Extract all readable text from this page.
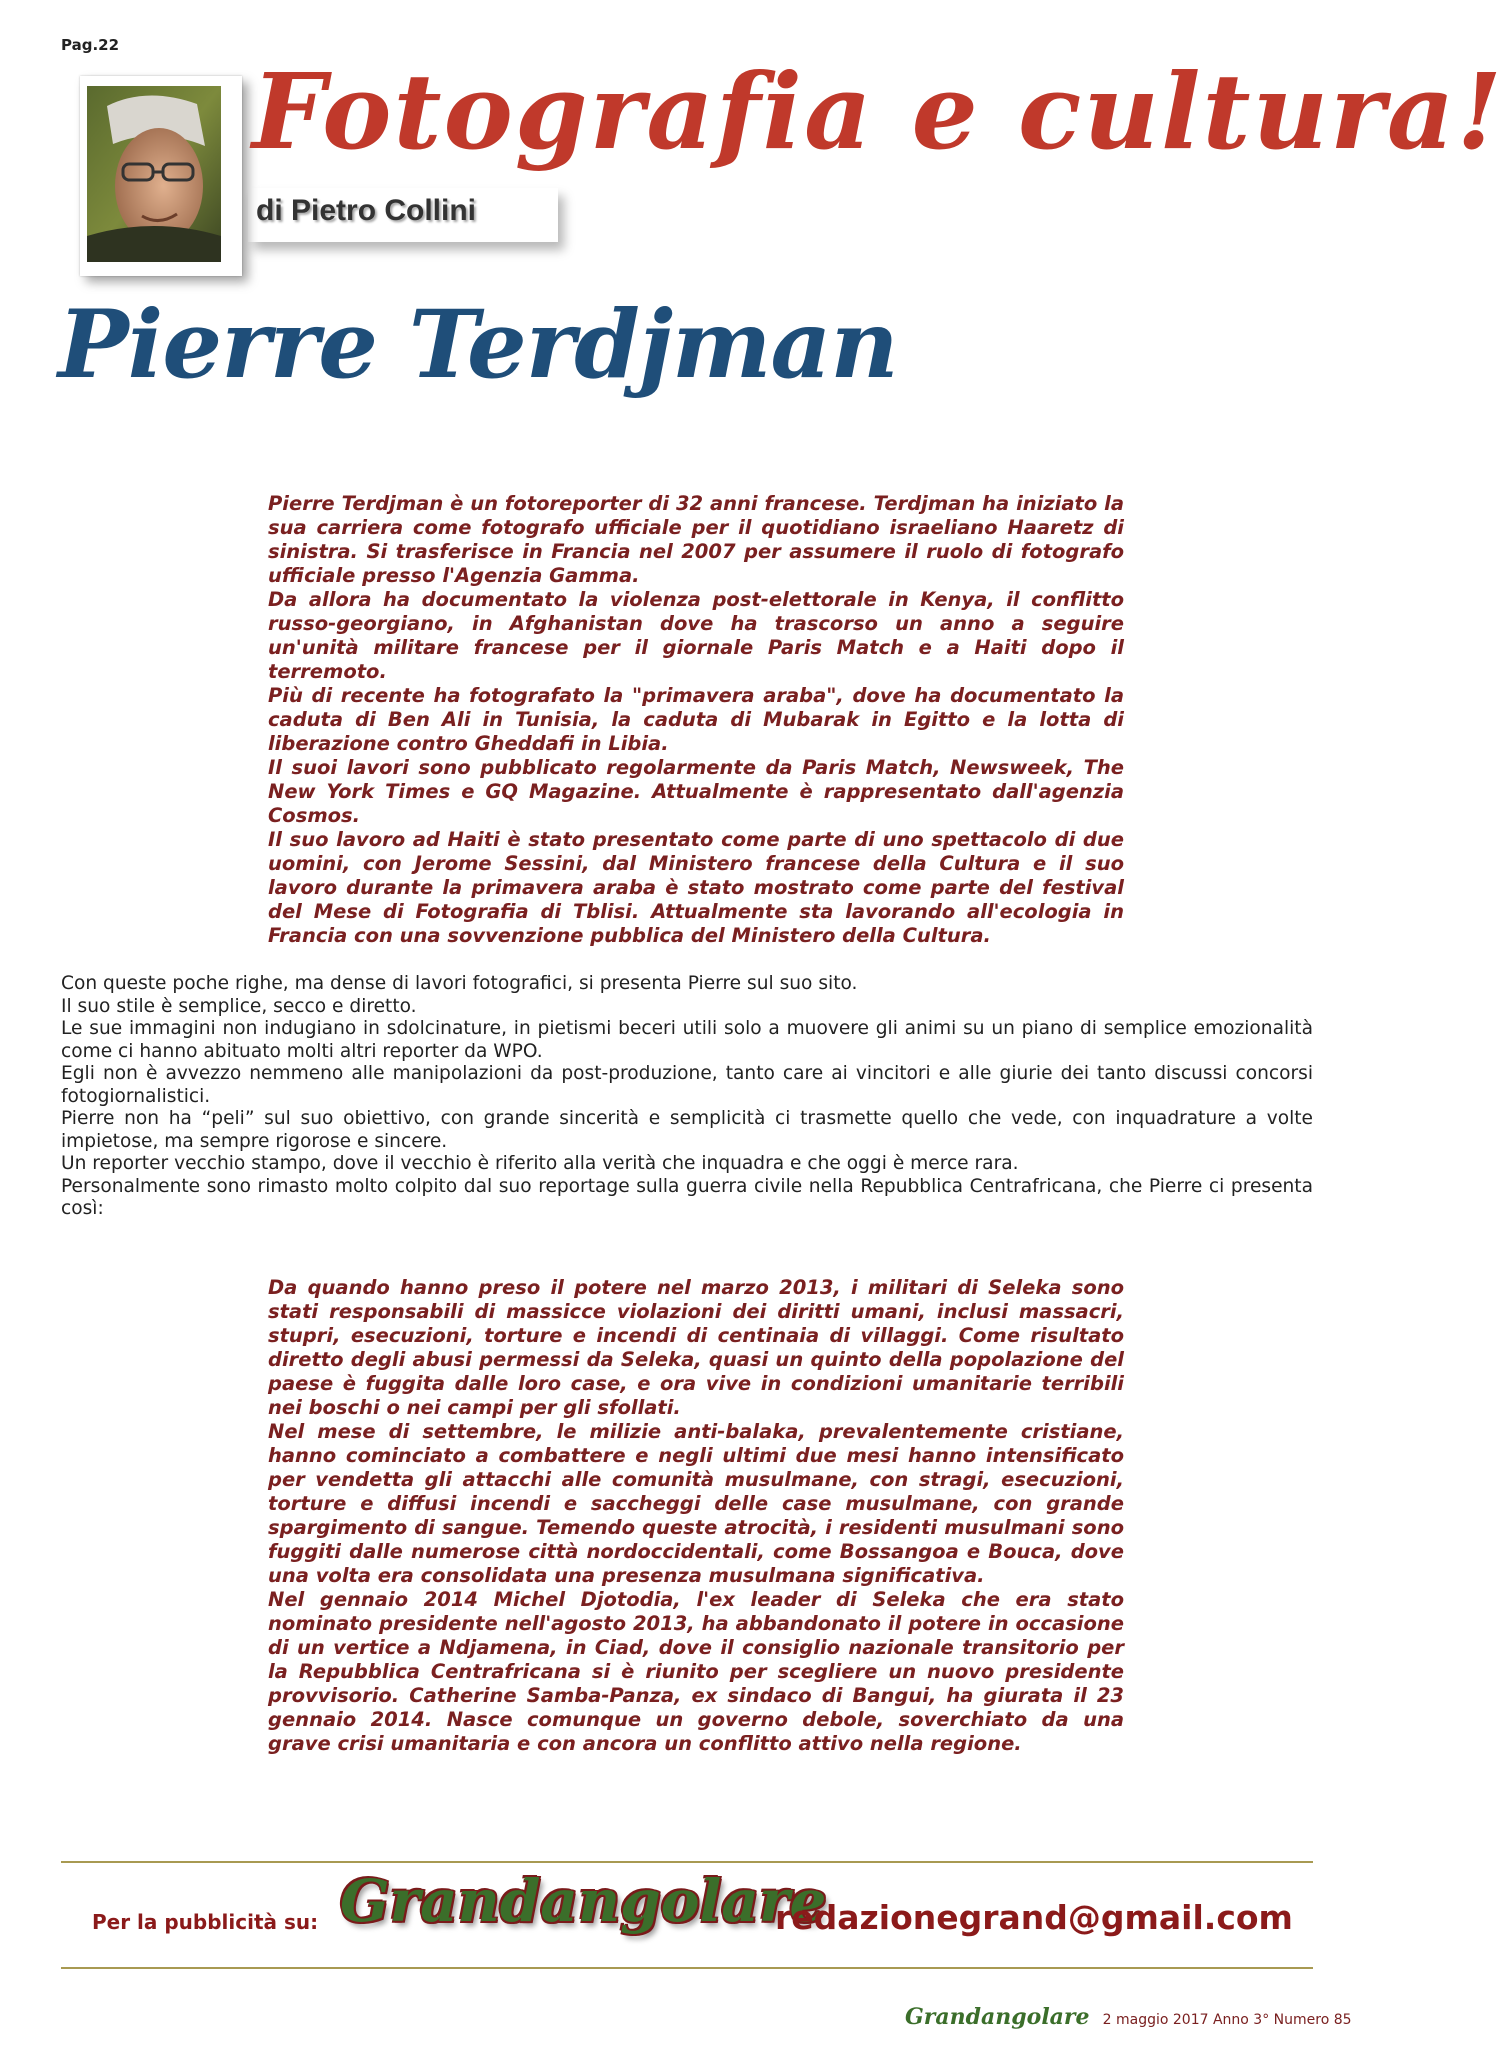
Pag.22
Fotografia e cultura!
di Pietro Collini
Pierre Terdjman

Pierre Terdjman è un fotoreporter di 32 anni francese. Terdjman ha iniziato la sua carriera come fotografo ufficiale per il quotidiano israeliano Haaretz di sinistra. Si trasferisce in Francia nel 2007 per assumere il ruolo di fotografo ufficiale presso l'Agenzia Gamma.

Da allora ha documentato la violenza post-elettorale in Kenya, il conflitto russo-georgiano, in Afghanistan dove ha trascorso un anno a seguire un'unità militare francese per il giornale Paris Match e a Haiti dopo il terremoto.

Più di recente ha fotografato la "primavera araba", dove ha documentato la caduta di Ben Ali in Tunisia, la caduta di Mubarak in Egitto e la lotta di liberazione contro Gheddafi in Libia.

Il suoi lavori sono pubblicato regolarmente da Paris Match, Newsweek, The New York Times e GQ Magazine. Attualmente è rappresentato dall'agenzia Cosmos.

Il suo lavoro ad Haiti è stato presentato come parte di uno spettacolo di due uomini, con Jerome Sessini, dal Ministero francese della Cultura e il suo lavoro durante la primavera araba è stato mostrato come parte del festival del Mese di Fotografia di Tblisi. Attualmente sta lavorando all'ecologia in Francia con una sovvenzione pubblica del Ministero della Cultura.

Con queste poche righe, ma dense di lavori fotografici, si presenta Pierre sul suo sito.

Il suo stile è semplice, secco e diretto.

Le sue immagini non indugiano in sdolcinature, in pietismi beceri utili solo a muovere gli animi su un piano di semplice emozionalità come ci hanno abituato molti altri reporter da WPO.

Egli non è avvezzo nemmeno alle manipolazioni da post-produzione, tanto care ai vincitori e alle giurie dei tanto discussi concorsi fotogiornalistici.

Pierre non ha “peli” sul suo obiettivo, con grande sincerità e semplicità ci trasmette quello che vede, con inquadrature a volte impietose, ma sempre rigorose e sincere.

Un reporter vecchio stampo, dove il vecchio è riferito alla verità che inquadra e che oggi è merce rara.

Personalmente sono rimasto molto colpito dal suo reportage sulla guerra civile nella Repubblica Centrafricana, che Pierre ci presenta così:

Da quando hanno preso il potere nel marzo 2013, i militari di Seleka sono stati responsabili di massicce violazioni dei diritti umani, inclusi massacri, stupri, esecuzioni, torture e incendi di centinaia di villaggi. Come risultato diretto degli abusi permessi da Seleka, quasi un quinto della popolazione del paese è fuggita dalle loro case, e ora vive in condizioni umanitarie terribili nei boschi o nei campi per gli sfollati.

Nel mese di settembre, le milizie anti-balaka, prevalentemente cristiane, hanno cominciato a combattere e negli ultimi due mesi hanno intensificato per vendetta gli attacchi alle comunità musulmane, con stragi, esecuzioni, torture e diffusi incendi e saccheggi delle case musulmane, con grande spargimento di sangue. Temendo queste atrocità, i residenti musulmani sono fuggiti dalle numerose città nordoccidentali, come Bossangoa e Bouca, dove una volta era consolidata una presenza musulmana significativa.

Nel gennaio 2014 Michel Djotodia, l'ex leader di Seleka che era stato nominato presidente nell'agosto 2013, ha abbandonato il potere in occasione di un vertice a Ndjamena, in Ciad, dove il consiglio nazionale transitorio per la Repubblica Centrafricana si è riunito per scegliere un nuovo presidente provvisorio. Catherine Samba-Panza, ex sindaco di Bangui, ha giurata il 23 gennaio 2014. Nasce comunque un governo debole, soverchiato da una grave crisi umanitaria e con ancora un conflitto attivo nella regione.

Per la pubblicità su: Grandangolare
redazionegrand@gmail.com
Grandangolare 2 maggio 2017 Anno 3° Numero 85
